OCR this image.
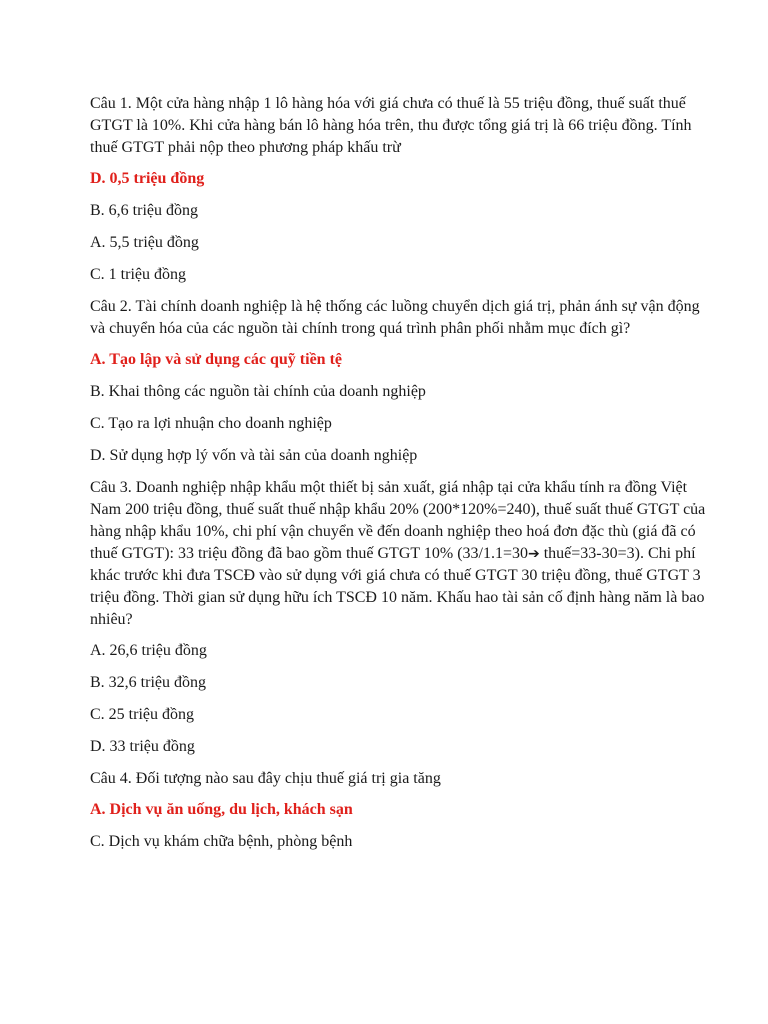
Câu 1. Một cửa hàng nhập 1 lô hàng hóa với giá chưa có thuế là 55 triệu đồng, thuế suất thuế GTGT là 10%. Khi cửa hàng bán lô hàng hóa trên, thu được tổng giá trị là 66 triệu đồng. Tính thuế GTGT phải nộp theo phương pháp khấu trừ

D. 0,5 triệu đồng

B. 6,6 triệu đồng

A. 5,5 triệu đồng

C. 1 triệu đồng

Câu 2. Tài chính doanh nghiệp là hệ thống các luồng chuyển dịch giá trị, phản ánh sự vận động và chuyển hóa của các nguồn tài chính trong quá trình phân phối nhằm mục đích gì?

A. Tạo lập và sử dụng các quỹ tiền tệ

B. Khai thông các nguồn tài chính của doanh nghiệp

C. Tạo ra lợi nhuận cho doanh nghiệp

D. Sử dụng hợp lý vốn và tài sản của doanh nghiệp

Câu 3. Doanh nghiệp nhập khẩu một thiết bị sản xuất, giá nhập tại cửa khẩu tính ra đồng Việt Nam 200 triệu đồng, thuế suất thuế nhập khẩu 20% (200*120%=240), thuế suất thuế GTGT của hàng nhập khẩu 10%, chi phí vận chuyển về đến doanh nghiệp theo hoá đơn đặc thù (giá đã có thuế GTGT): 33 triệu đồng đã bao gồm thuế GTGT 10% (33/1.1=30➔ thuế=33-30=3). Chi phí khác trước khi đưa TSCĐ vào sử dụng với giá chưa có thuế GTGT 30 triệu đồng, thuế GTGT 3 triệu đồng. Thời gian sử dụng hữu ích TSCĐ 10 năm. Khấu hao tài sản cố định hàng năm là bao nhiêu?

A. 26,6 triệu đồng

B. 32,6 triệu đồng

C. 25 triệu đồng

D. 33 triệu đồng

Câu 4. Đối tượng nào sau đây chịu thuế giá trị gia tăng

A. Dịch vụ ăn uống, du lịch, khách sạn

C. Dịch vụ khám chữa bệnh, phòng bệnh
